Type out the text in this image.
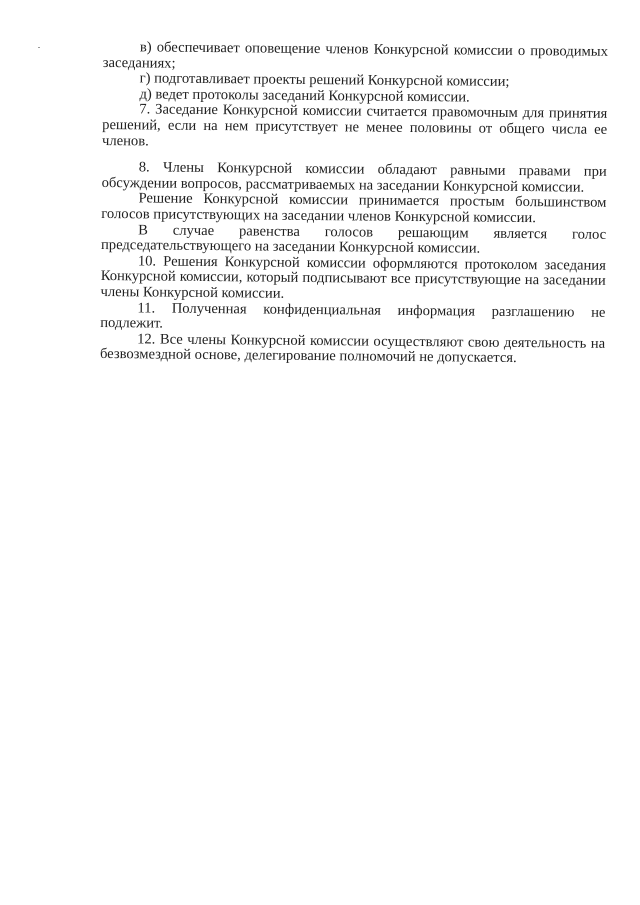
в) обеспечивает оповещение членов Конкурсной комиссии о проводимых заседаниях;

г) подготавливает проекты решений Конкурсной комиссии;

д) ведет протоколы заседаний Конкурсной комиссии.

7. Заседание Конкурсной комиссии считается правомочным для принятия решений, если на нем присутствует не менее половины от общего числа ее членов.

8. Члены Конкурсной комиссии обладают равными правами при обсуждении вопросов, рассматриваемых на заседании Конкурсной комиссии.

Решение Конкурсной комиссии принимается простым большинством голосов присутствующих на заседании членов Конкурсной комиссии.

В случае равенства голосов решающим является голос председательствующего на заседании Конкурсной комиссии.

10. Решения Конкурсной комиссии оформляются протоколом заседания Конкурсной комиссии, который подписывают все присутствующие на заседании члены Конкурсной комиссии.

11. Полученная конфиденциальная информация разглашению не подлежит.

12. Все члены Конкурсной комиссии осуществляют свою деятельность на безвозмездной основе, делегирование полномочий не допускается.
